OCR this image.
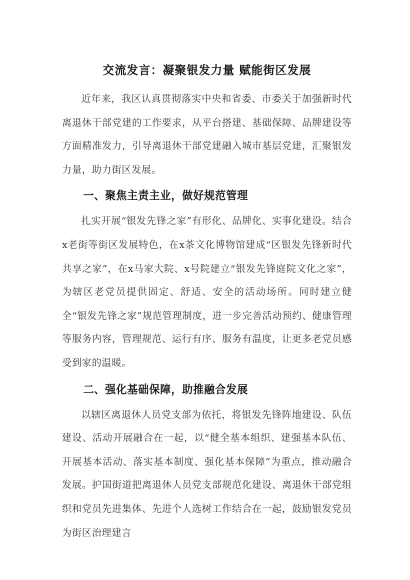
交流发言：凝聚银发力量 赋能街区发展

近年来，我区认真贯彻落实中央和省委、市委关于加强新时代离退休干部党建的工作要求，从平台搭建、基础保障、品牌建设等方面精准发力，引导离退休干部党建融入城市基层党建，汇聚银发力量，助力街区发展。

一、聚焦主责主业，做好规范管理

扎实开展“银发先锋之家”有形化、品牌化、实事化建设。结合x老街等街区发展特色，在x茶文化博物馆建成“区银发先锋新时代共享之家”，在x马家大院、x号院建立“银发先锋庭院文化之家”，为辖区老党员提供固定、舒适、安全的活动场所。同时建立健全“银发先锋之家”规范管理制度，进一步完善活动预约、健康管理等服务内容，管理规范、运行有序、服务有温度，让更多老党员感受到家的温暖。

二、强化基础保障，助推融合发展

以辖区离退休人员党支部为依托，将银发先锋阵地建设、队伍建设、活动开展融合在一起，以“健全基本组织、建强基本队伍、开展基本活动、落实基本制度、强化基本保障”为重点，推动融合发展。护国街道把离退休人员党支部规范化建设、离退休干部党组织和党员先进集体、先进个人选树工作结合在一起，鼓励银发党员为街区治理建言
